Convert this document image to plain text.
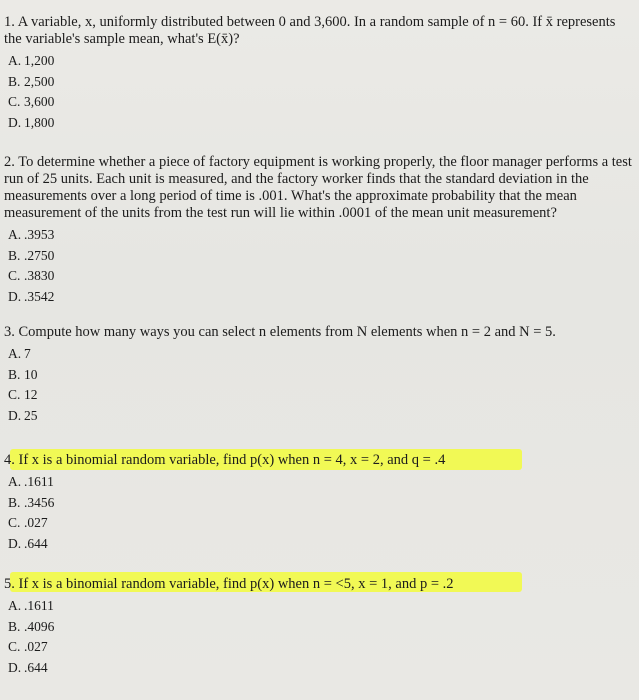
1. A variable, x, uniformly distributed between 0 and 3,600. In a random sample of n = 60. If x̄ represents the variable's sample mean, what's E(x̄)?

A. 1,200
B. 2,500
C. 3,600
D. 1,800

2. To determine whether a piece of factory equipment is working properly, the floor manager performs a test run of 25 units. Each unit is measured, and the factory worker finds that the standard deviation in the measurements over a long period of time is .001. What's the approximate probability that the mean measurement of the units from the test run will lie within .0001 of the mean unit measurement?

A. .3953
B. .2750
C. .3830
D. .3542

3. Compute how many ways you can select n elements from N elements when n = 2 and N = 5.

A. 7
B. 10
C. 12
D. 25

4. If x is a binomial random variable, find p(x) when n = 4, x = 2, and q = .4

A. .1611
B. .3456
C. .027
D. .644

5. If x is a binomial random variable, find p(x) when n = <5, x = 1, and p = .2

A. .1611
B. .4096
C. .027
D. .644
